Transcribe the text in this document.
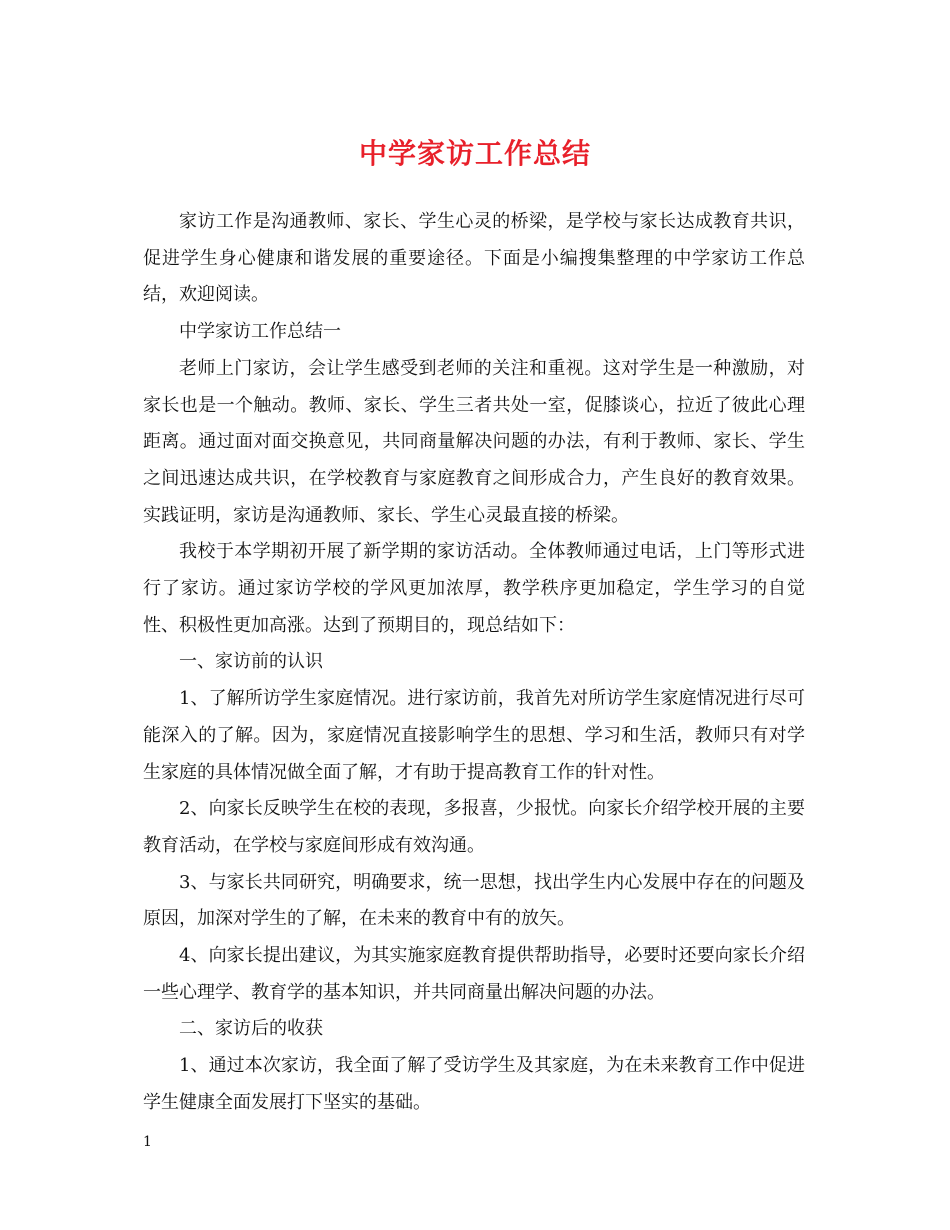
中学家访工作总结

家访工作是沟通教师、家长、学生心灵的桥梁，是学校与家长达成教育共识，促进学生身心健康和谐发展的重要途径。下面是小编搜集整理的中学家访工作总结，欢迎阅读。

中学家访工作总结一

老师上门家访，会让学生感受到老师的关注和重视。这对学生是一种激励，对家长也是一个触动。教师、家长、学生三者共处一室，促膝谈心，拉近了彼此心理距离。通过面对面交换意见，共同商量解决问题的办法，有利于教师、家长、学生之间迅速达成共识，在学校教育与家庭教育之间形成合力，产生良好的教育效果。实践证明，家访是沟通教师、家长、学生心灵最直接的桥梁。

我校于本学期初开展了新学期的家访活动。全体教师通过电话，上门等形式进行了家访。通过家访学校的学风更加浓厚，教学秩序更加稳定，学生学习的自觉性、积极性更加高涨。达到了预期目的，现总结如下：

一、家访前的认识

1、了解所访学生家庭情况。进行家访前，我首先对所访学生家庭情况进行尽可能深入的了解。因为，家庭情况直接影响学生的思想、学习和生活，教师只有对学生家庭的具体情况做全面了解，才有助于提高教育工作的针对性。

2、向家长反映学生在校的表现，多报喜，少报忧。向家长介绍学校开展的主要教育活动，在学校与家庭间形成有效沟通。

3、与家长共同研究，明确要求，统一思想，找出学生内心发展中存在的问题及原因，加深对学生的了解，在未来的教育中有的放矢。

4、向家长提出建议，为其实施家庭教育提供帮助指导，必要时还要向家长介绍一些心理学、教育学的基本知识，并共同商量出解决问题的办法。

二、家访后的收获

1、通过本次家访，我全面了解了受访学生及其家庭，为在未来教育工作中促进学生健康全面发展打下坚实的基础。

1
